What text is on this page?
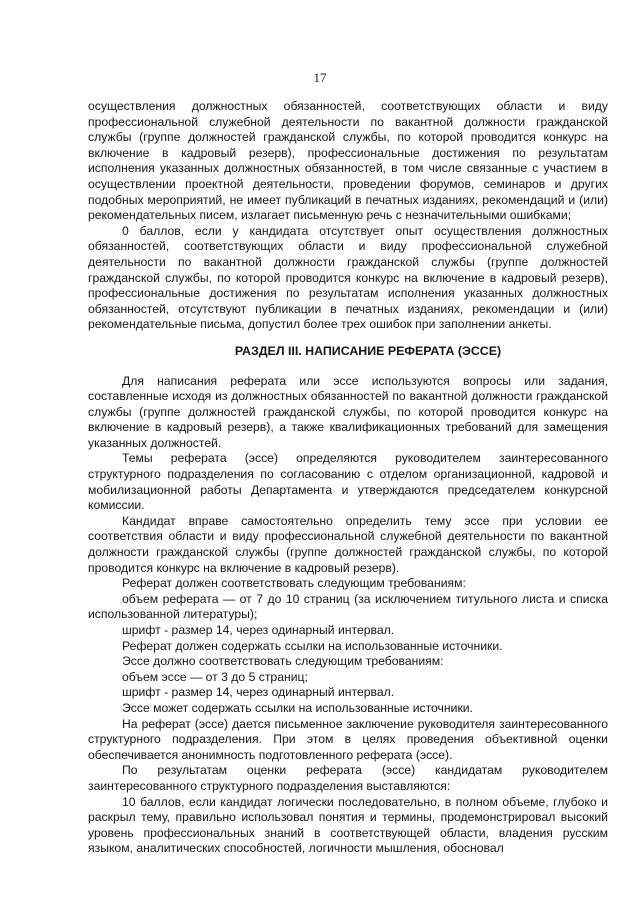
17

осуществления должностных обязанностей, соответствующих области и виду профессиональной служебной деятельности по вакантной должности гражданской службы (группе должностей гражданской службы, по которой проводится конкурс на включение в кадровый резерв), профессиональные достижения по результатам исполнения указанных должностных обязанностей, в том числе связанные с участием в осуществлении проектной деятельности, проведении форумов, семинаров и других подобных мероприятий, не имеет публикаций в печатных изданиях, рекомендаций и (или) рекомендательных писем, излагает письменную речь с незначительными ошибками;

0 баллов, если у кандидата отсутствует опыт осуществления должностных обязанностей, соответствующих области и виду профессиональной служебной деятельности по вакантной должности гражданской службы (группе должностей гражданской службы, по которой проводится конкурс на включение в кадровый резерв), профессиональные достижения по результатам исполнения указанных должностных обязанностей, отсутствуют публикации в печатных изданиях, рекомендации и (или) рекомендательные письма, допустил более трех ошибок при заполнении анкеты.

РАЗДЕЛ III. НАПИСАНИЕ РЕФЕРАТА (ЭССЕ)

Для написания реферата или эссе используются вопросы или задания, составленные исходя из должностных обязанностей по вакантной должности гражданской службы (группе должностей гражданской службы, по которой проводится конкурс на включение в кадровый резерв), а также квалификационных требований для замещения указанных должностей.

Темы реферата (эссе) определяются руководителем заинтересованного структурного подразделения по согласованию с отделом организационной, кадровой и мобилизационной работы Департамента и утверждаются председателем конкурсной комиссии.

Кандидат вправе самостоятельно определить тему эссе при условии ее соответствия области и виду профессиональной служебной деятельности по вакантной должности гражданской службы (группе должностей гражданской службы, по которой проводится конкурс на включение в кадровый резерв).

Реферат должен соответствовать следующим требованиям:

объем реферата — от 7 до 10 страниц (за исключением титульного листа и списка использованной литературы);

шрифт - размер 14, через одинарный интервал.

Реферат должен содержать ссылки на использованные источники.

Эссе должно соответствовать следующим требованиям:

объем эссе — от 3 до 5 страниц;

шрифт - размер 14, через одинарный интервал.

Эссе может содержать ссылки на использованные источники.

На реферат (эссе) дается письменное заключение руководителя заинтересованного структурного подразделения. При этом в целях проведения объективной оценки обеспечивается анонимность подготовленного реферата (эссе).

По результатам оценки реферата (эссе) кандидатам руководителем заинтересованного структурного подразделения выставляются:

10 баллов, если кандидат логически последовательно, в полном объеме, глубоко и раскрыл тему, правильно использовал понятия и термины, продемонстрировал высокий уровень профессиональных знаний в соответствующей области, владения русским языком, аналитических способностей, логичности мышления, обосновал
